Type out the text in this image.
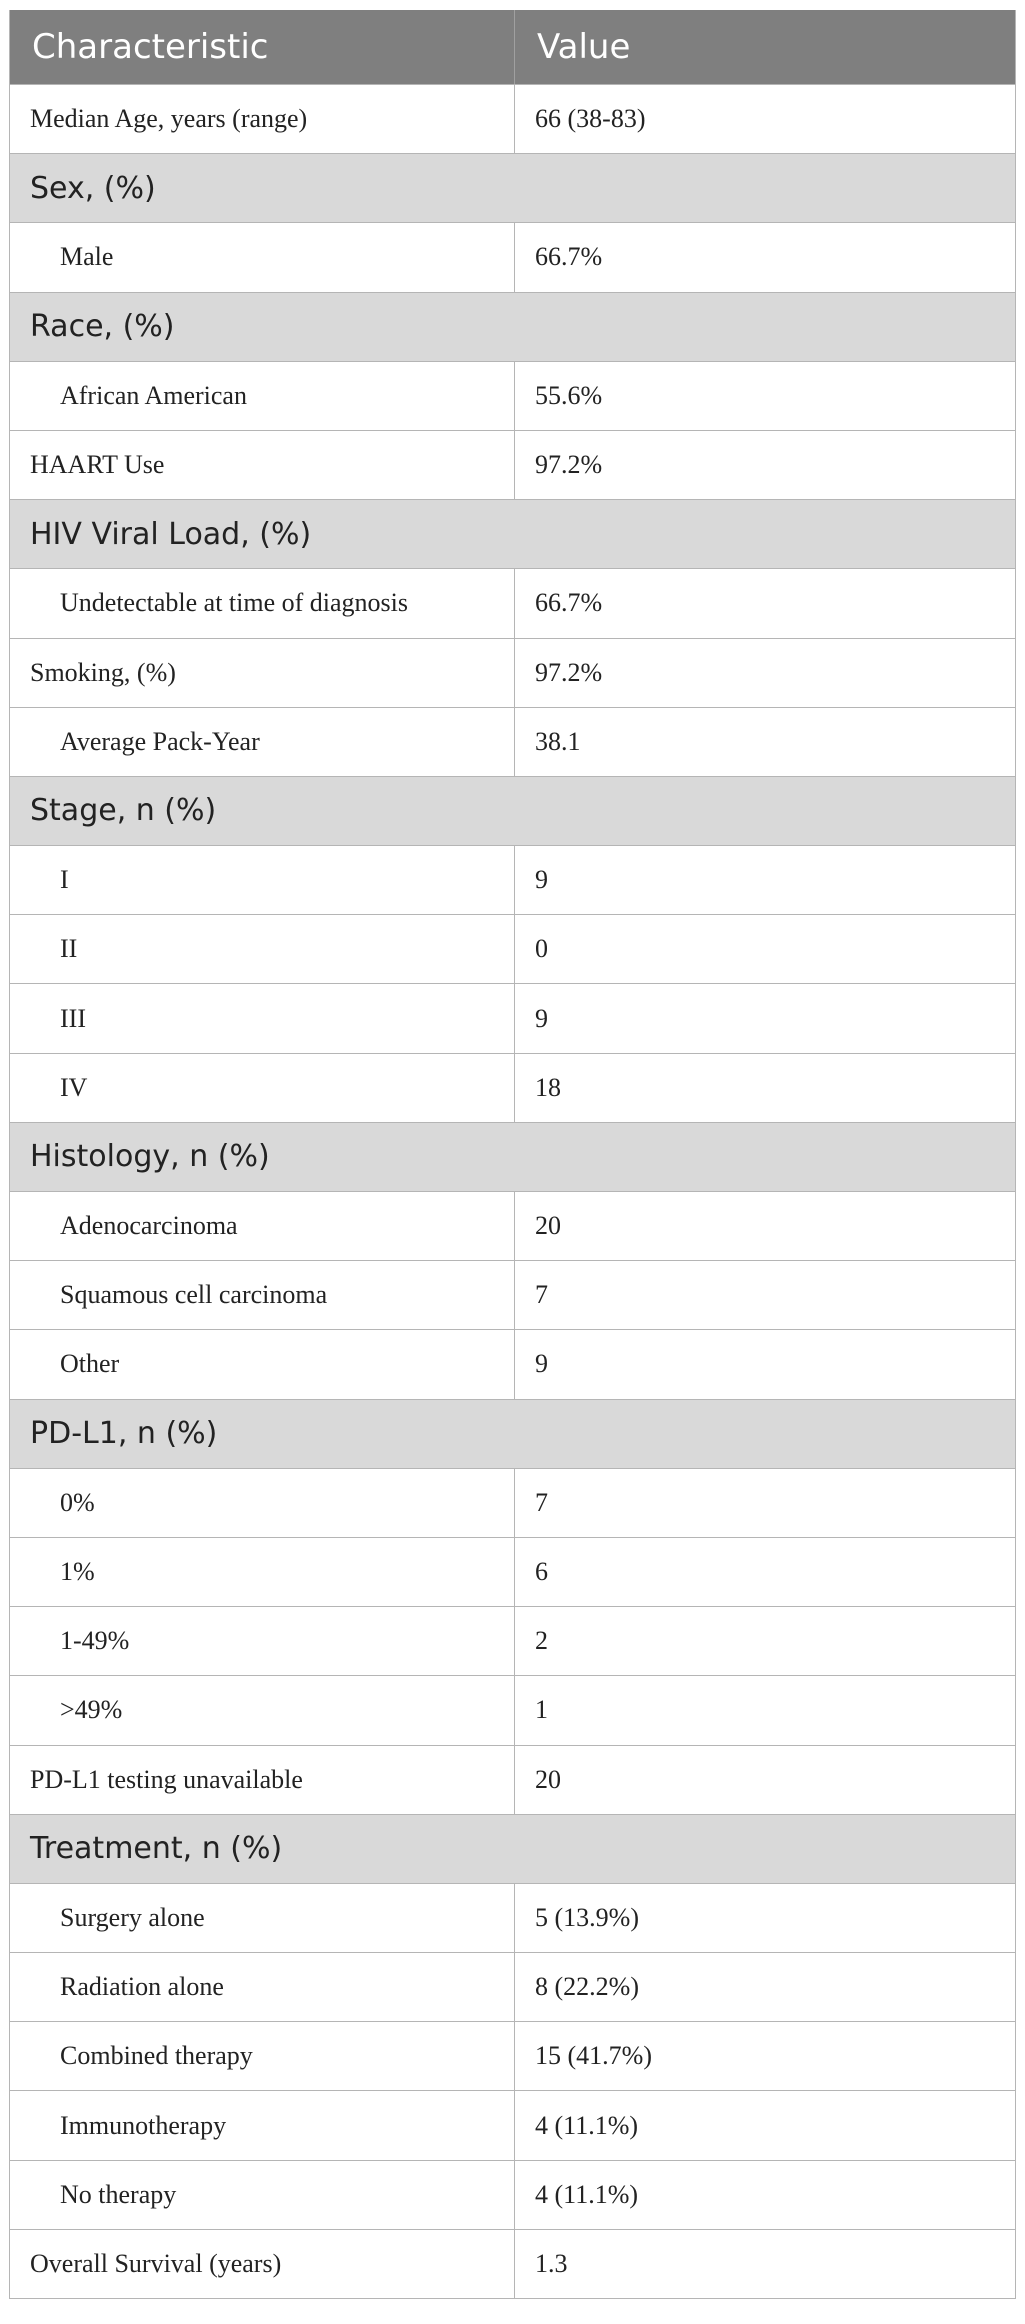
Characteristic	Value
Median Age, years (range)	66 (38-83)
Sex, (%)
Male	66.7%
Race, (%)
African American	55.6%
HAART Use	97.2%
HIV Viral Load, (%)
Undetectable at time of diagnosis	66.7%
Smoking, (%)	97.2%
Average Pack-Year	38.1
Stage, n (%)
I	9
II	0
III	9
IV	18
Histology, n (%)
Adenocarcinoma	20
Squamous cell carcinoma	7
Other	9
PD-L1, n (%)
0%	7
1%	6
1-49%	2
>49%	1
PD-L1 testing unavailable	20
Treatment, n (%)
Surgery alone	5 (13.9%)
Radiation alone	8 (22.2%)
Combined therapy	15 (41.7%)
Immunotherapy	4 (11.1%)
No therapy	4 (11.1%)
Overall Survival (years)	1.3
